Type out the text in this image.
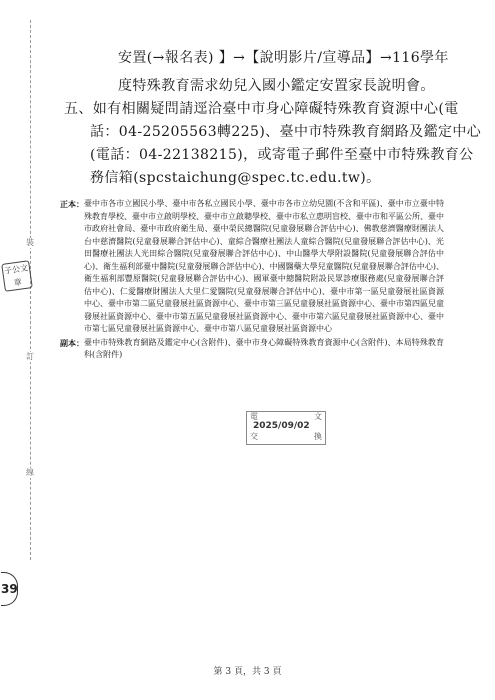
裝
訂
線
子
公
文
章
39
安置(→報名表) 】→【說明影片/宣導品】→116學年
度特殊教育需求幼兒入國小鑑定安置家長說明會。
五、如有相關疑問請逕洽臺中市身心障礙特殊教育資源中心(電
話：04-25205563轉225)、臺中市特殊教育網路及鑑定中心
(電話：04-22138215)，或寄電子郵件至臺中市特殊教育公
務信箱(spcstaichung@spec.tc.edu.tw)。
正本： 臺中市各市立國民小學、臺中市各私立國民小學、臺中市各市立幼兒園(不含和平區)、臺中市立臺中特殊教育學校、臺中市立啟明學校、臺中市立啟聰學校、臺中市私立惠明盲校、臺中市和平區公所、臺中市政府社會局、臺中市政府衛生局、臺中榮民總醫院(兒童發展聯合評估中心)、佛教慈濟醫療財團法人台中慈濟醫院(兒童發展聯合評估中心)、童綜合醫療社團法人童綜合醫院(兒童發展聯合評估中心)、光田醫療社團法人光田綜合醫院(兒童發展聯合評估中心)、中山醫學大學附設醫院(兒童發展聯合評估中心)、衛生福利部臺中醫院(兒童發展聯合評估中心)、中國醫藥大學兒童醫院(兒童發展聯合評估中心)、衛生福利部豐原醫院(兒童發展聯合評估中心)、國軍臺中總醫院附設民眾診療服務處(兒童發展聯合評估中心)、仁愛醫療財團法人大里仁愛醫院(兒童發展聯合評估中心)、臺中市第一區兒童發展社區資源中心、臺中市第二區兒童發展社區資源中心、臺中市第三區兒童發展社區資源中心、臺中市第四區兒童發展社區資源中心、臺中市第五區兒童發展社區資源中心、臺中市第六區兒童發展社區資源中心、臺中市第七區兒童發展社區資源中心、臺中市第八區兒童發展社區資源中心
副本： 臺中市特殊教育網路及鑑定中心(含附件)、臺中市身心障礙特殊教育資源中心(含附件)、本局特殊教育科(含附件)
電	文
2025/09/02
交	換
第 3 頁，共 3 頁
